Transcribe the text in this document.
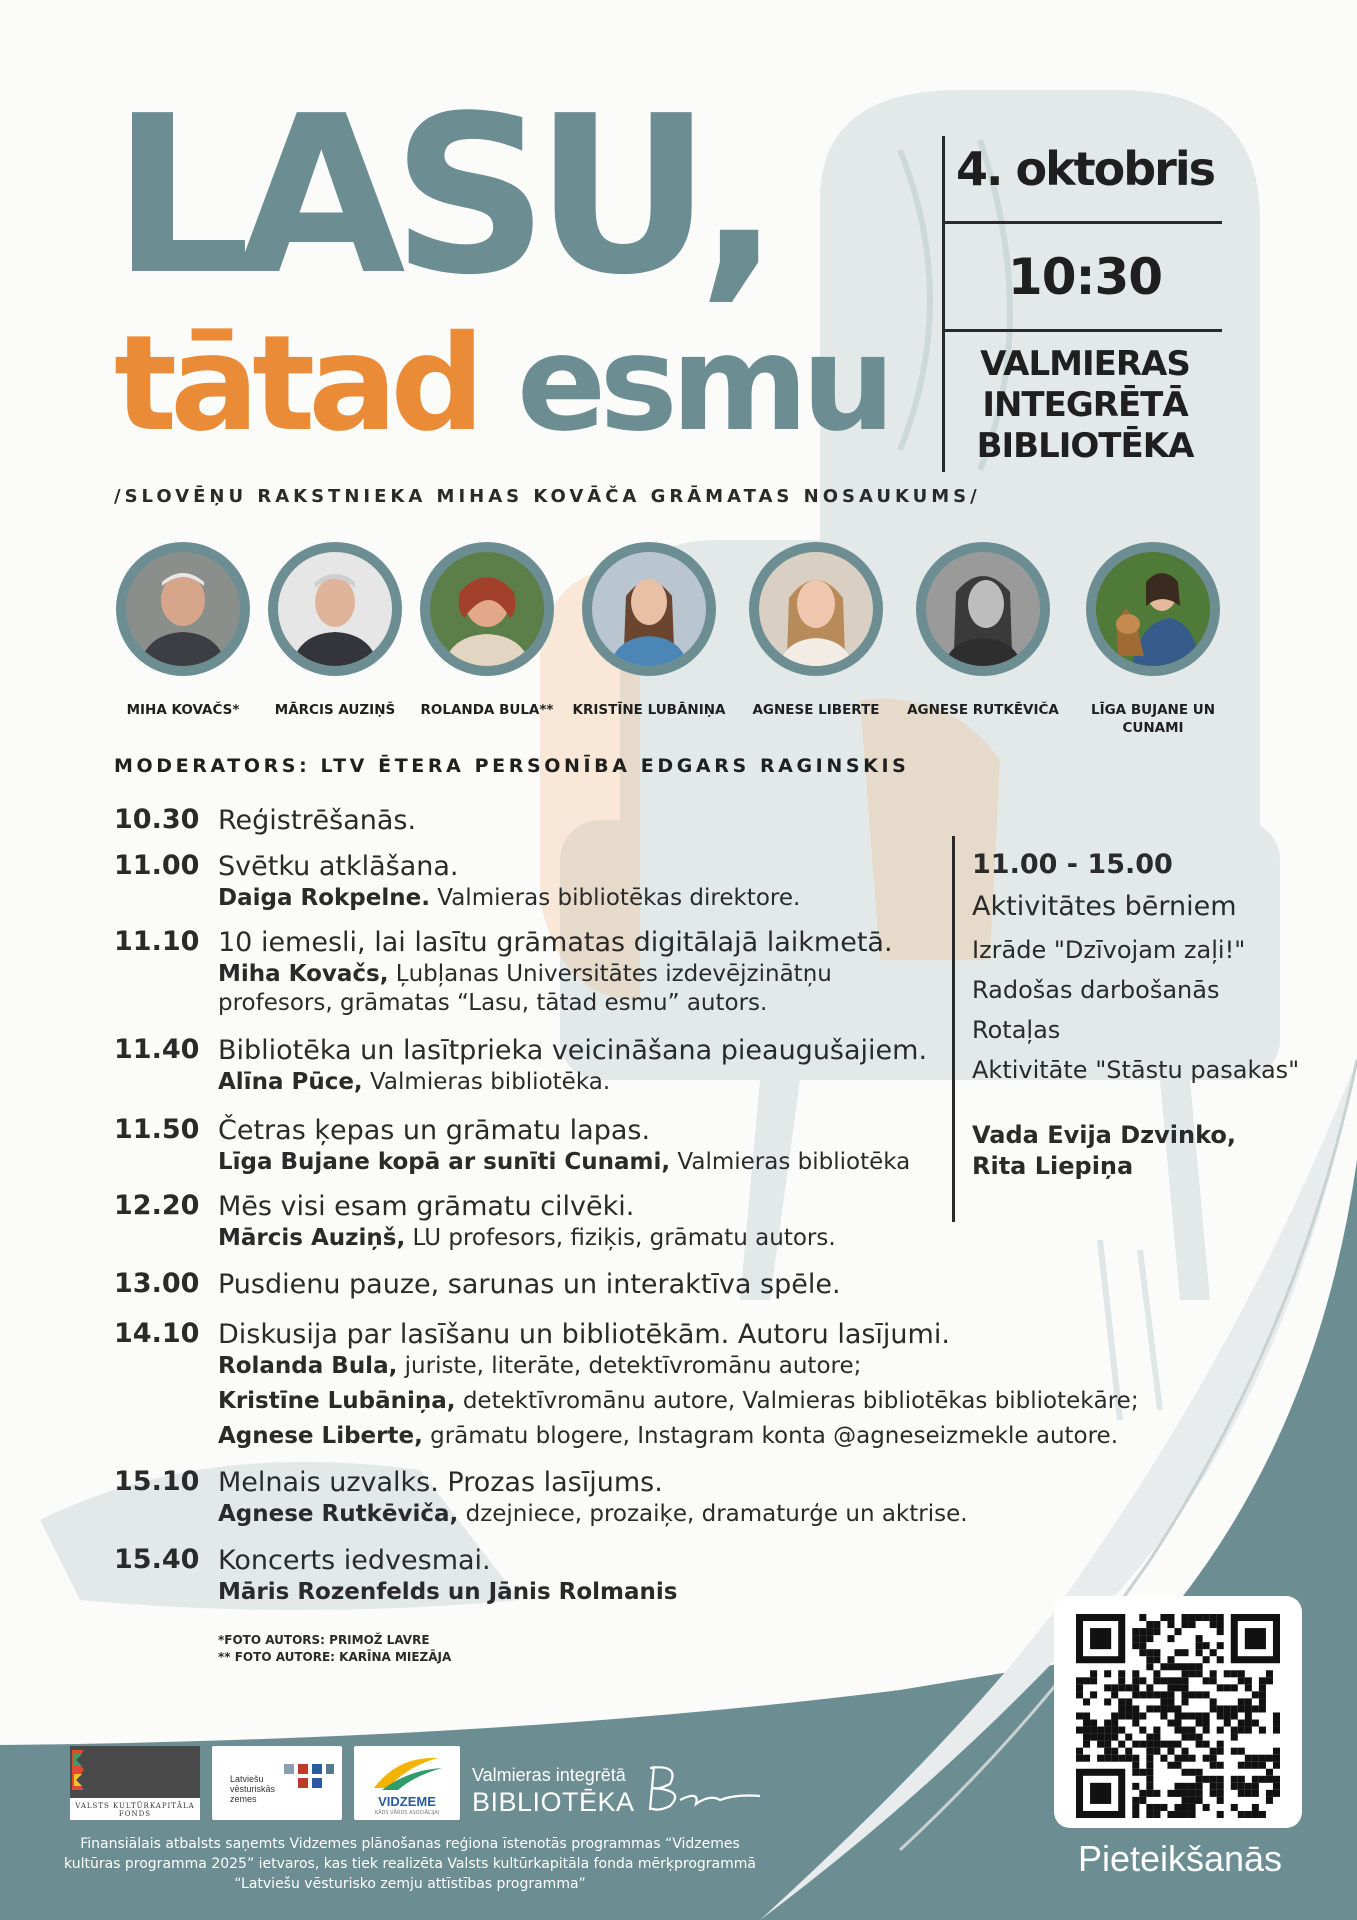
LASU,
tātad esmu
/SLOVĒŅU RAKSTNIEKA MIHAS KOVĀČA GRĀMATAS NOSAUKUMS/
4. oktobris
10:30
VALMIERAS
INTEGRĒTĀ
BIBLIOTĒKA
MIHA KOVAČS*	MĀRCIS AUZIŅŠ	ROLANDA BULA**	KRISTĪNE LUBĀNIŅA	AGNESE LIBERTE	AGNESE RUTKĒVIČA	LĪGA BUJANE UN CUNAMI
MODERATORS: LTV ĒTERA PERSONĪBA EDGARS RAGINSKIS
10.30 Reģistrēšanās.
11.00 Svētku atklāšana.
Daiga Rokpelne. Valmieras bibliotēkas direktore.
11.10 10 iemesli, lai lasītu grāmatas digitālajā laikmetā.
Miha Kovačs, Ļubļanas Universitātes izdevējzinātņu
profesors, grāmatas “Lasu, tātad esmu” autors.
11.40 Bibliotēka un lasītprieka veicināšana pieaugušajiem.
Alīna Pūce, Valmieras bibliotēka.
11.50 Četras ķepas un grāmatu lapas.
Līga Bujane kopā ar sunīti Cunami, Valmieras bibliotēka
12.20 Mēs visi esam grāmatu cilvēki.
Mārcis Auziņš, LU profesors, fiziķis, grāmatu autors.
13.00 Pusdienu pauze, sarunas un interaktīva spēle.
14.10 Diskusija par lasīšanu un bibliotēkām. Autoru lasījumi.
Rolanda Bula, juriste, literāte, detektīvromānu autore;
Kristīne Lubāniņa, detektīvromānu autore, Valmieras bibliotēkas bibliotekāre;
Agnese Liberte, grāmatu blogere, Instagram konta @agneseizmekle autore.
15.10 Melnais uzvalks. Prozas lasījums.
Agnese Rutkēviča, dzejniece, prozaiķe, dramaturģe un aktrise.
15.40 Koncerts iedvesmai.
Māris Rozenfelds un Jānis Rolmanis
11.00 - 15.00
Aktivitātes bērniem
Izrāde "Dzīvojam zaļi!"
Radošas darbošanās
Rotaļas
Aktivitāte "Stāstu pasakas"
Vada Evija Dzvinko, Rita Liepiņa
*FOTO AUTORS: PRIMOŽ LAVRE
** FOTO AUTORE: KARĪNA MIEZĀJA
Pieteikšanās
VALSTS KULTŪRKAPITĀLA FONDS
Latviešu
vēsturiskās
zemes	VIDZEME
KĀDS VĀRDS ASOCIĀCIJAI
Valmieras integrētā
BIBLIOTĒKA
Finansiālais atbalsts saņemts Vidzemes plānošanas reģiona īstenotās programmas “Vidzemes kultūras programma 2025” ietvaros, kas tiek realizēta Valsts kultūrkapitāla fonda mērķprogrammā “Latviešu vēsturisko zemju attīstības programma”
